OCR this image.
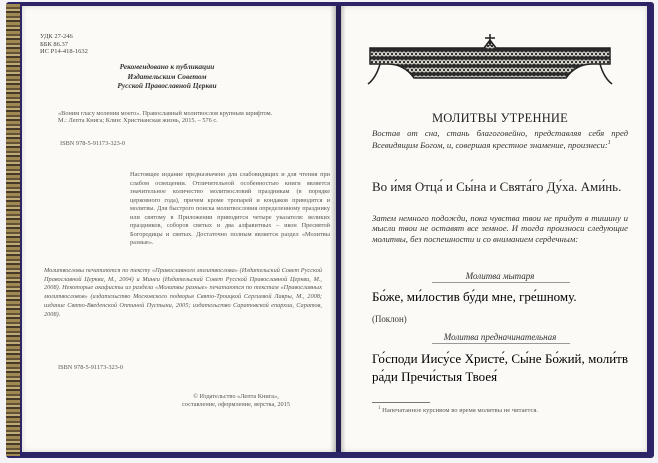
УДК 27-246
ББК 86.37
ИС Р14-418-1632
Рекомендовано к публикации
Издательским Советом
Русской Православной Церкви
«Воним гласу моления моего». Православный молитвослов крупным шрифтом. М.: Лепта Книга; Клин: Христианская жизнь, 2015. – 576 с.
ISBN 978-5-91173-323-0
Настоящее издание предназначено для слабовидящих и для чтения при слабом освещении. Отличительной особенностью книги является значительное количество молитвословий праздникам (в порядке церковного года), причем кроме тропарей и кондаков приводятся и молитвы. Для быстрого поиска молитвословия определенному празднику или святому в Приложении приводится четыре указателя: великих праздников, соборов святых и два алфавитных – икон Пресвятой Богородицы и святых. Достаточно полным является раздел «Молитвы разные».
Молитвословы печатаются по тексту «Православного молитвослова» (Издательский Совет Русской Православной Церкви, М., 2004) и Минеи (Издательский Совет Русской Православной Церкви, М., 2008). Некоторые акафисты из раздела «Молитвы разные» печатаются по текстам «Православных молитвословов» (издательство Московского подворья Свято-Троицкой Сергиевой Лавры, М., 2008; издание Свято-Введенской Оптиной Пустыни, 2005; издательство Саратовской епархии, Саратов, 2008).
ISBN 978-5-91173-323-0
© Издательство «Лепта Книга»,
составление, оформление, верстка, 2015
МОЛИТВЫ УТРЕННИЕ
Востав от сна, стань благоговейно, представляя себя пред Всевидящим Богом, и, совершая крестное знамение, произнеси:$^1$
Во и́мя Отца́ и Сы́на и Свята́го Ду́ха. Ами́нь.
Затем немного подожди, пока чувства твои не придут в тишину и мысли твои не оставят все земное. И тогда произноси следующие молитвы, без поспешности и со вниманием сердечным:
Молитва мытаря
Бо́же, ми́лостив бу́ди мне, гре́шному.
(Поклон)
Молитва предначинательная
Го́споди Иису́се Христе́, Сы́не Бо́жий, моли́тв ра́ди Пречи́стыя Твоея́
$^1$ Напечатанное курсивом во время молитвы не читается.
